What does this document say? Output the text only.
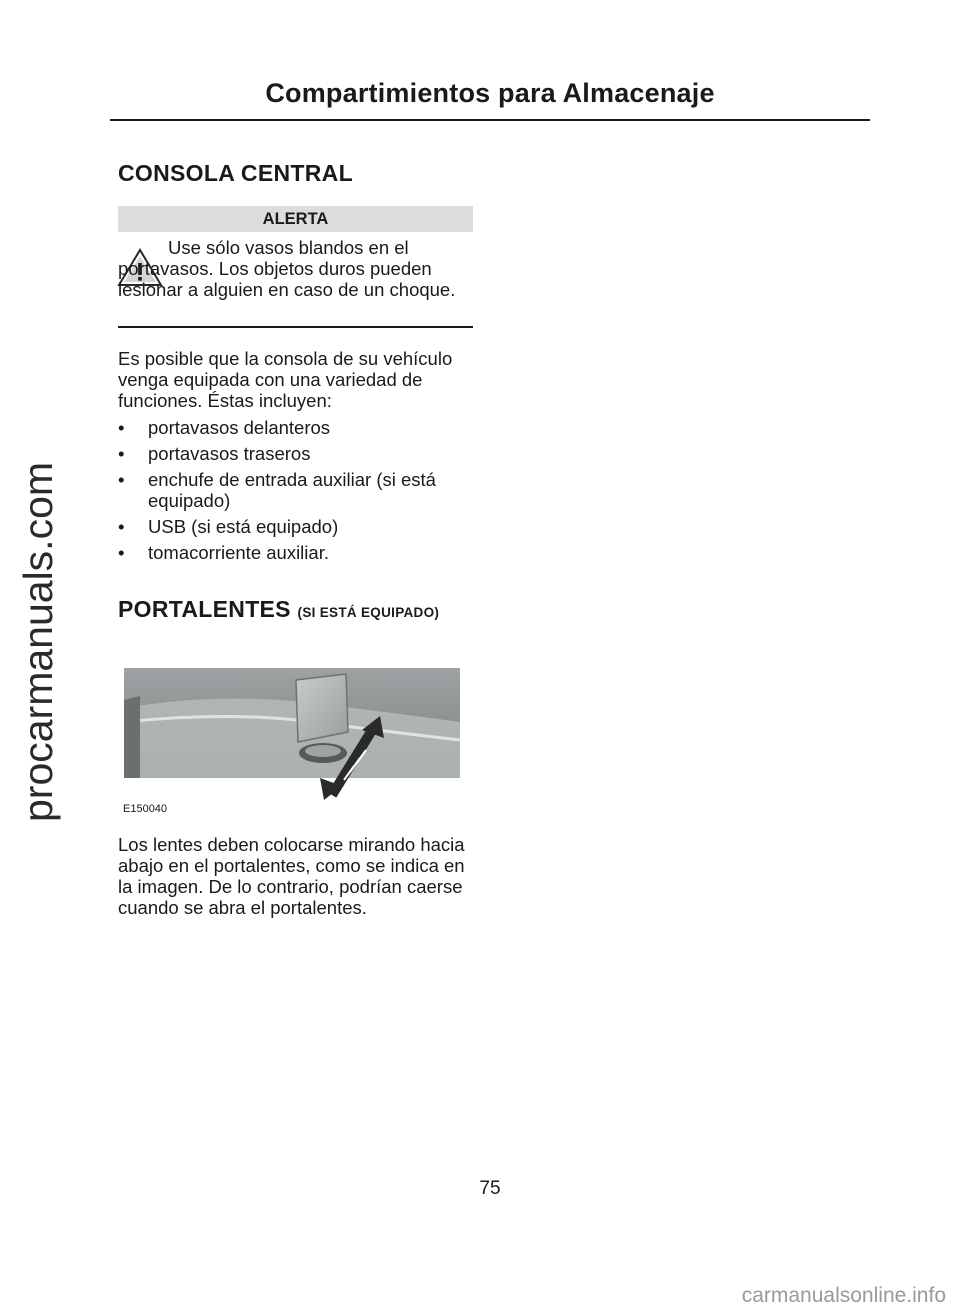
Compartimientos para Almacenaje
procarmanuals.com
CONSOLA CENTRAL
ALERTA
Use sólo vasos blandos en el portavasos. Los objetos duros pueden lesionar a alguien en caso de un choque.
Es posible que la consola de su vehículo venga equipada con una variedad de funciones. Éstas incluyen:
• portavasos delanteros
• portavasos traseros
• enchufe de entrada auxiliar (si está equipado)
• USB (si está equipado)
• tomacorriente auxiliar.
PORTALENTES (SI ESTÁ EQUIPADO)
E150040
Los lentes deben colocarse mirando hacia abajo en el portalentes, como se indica en la imagen. De lo contrario, podrían caerse cuando se abra el portalentes.
75
carmanualsonline.info
